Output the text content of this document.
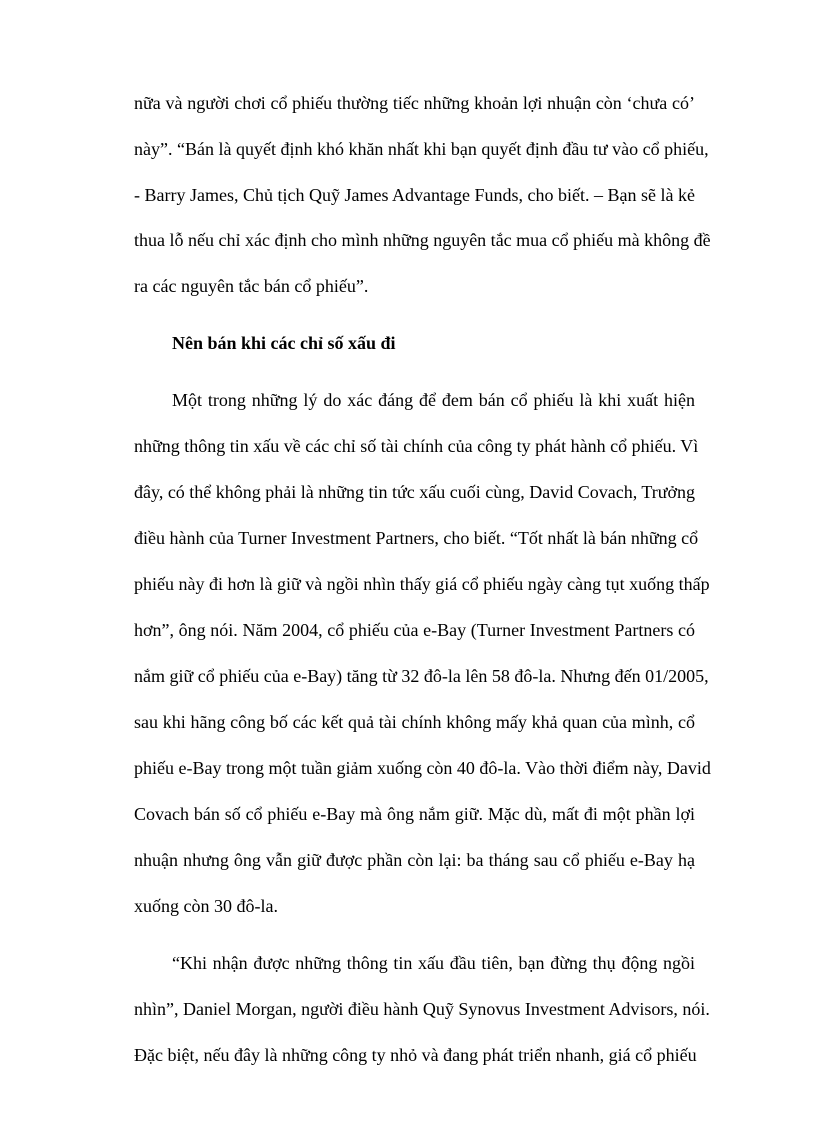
nữa và người chơi cổ phiếu thường tiếc những khoản lợi nhuận còn ‘chưa có’
này”. “Bán là quyết định khó khăn nhất khi bạn quyết định đầu tư vào cổ phiếu,
- Barry James, Chủ tịch Quỹ James Advantage Funds, cho biết. – Bạn sẽ là kẻ
thua lỗ nếu chỉ xác định cho mình những nguyên tắc mua cổ phiếu mà không đề
ra các nguyên tắc bán cổ phiếu”.
Nên bán khi các chỉ số xấu đi
Một trong những lý do xác đáng để đem bán cổ phiếu là khi xuất hiện
những thông tin xấu về các chỉ số tài chính của công ty phát hành cổ phiếu. Vì
đây, có thể không phải là những tin tức xấu cuối cùng, David Covach, Trưởng
điều hành của Turner Investment Partners, cho biết. “Tốt nhất là bán những cổ
phiếu này đi hơn là giữ và ngồi nhìn thấy giá cổ phiếu ngày càng tụt xuống thấp
hơn”, ông nói. Năm 2004, cổ phiếu của e-Bay (Turner Investment Partners có
nắm giữ cổ phiếu của e-Bay) tăng từ 32 đô-la lên 58 đô-la. Nhưng đến 01/2005,
sau khi hãng công bố các kết quả tài chính không mấy khả quan của mình, cổ
phiếu e-Bay trong một tuần giảm xuống còn 40 đô-la. Vào thời điểm này, David
Covach bán số cổ phiếu e-Bay mà ông nắm giữ. Mặc dù, mất đi một phần lợi
nhuận nhưng ông vẫn giữ được phần còn lại: ba tháng sau cổ phiếu e-Bay hạ
xuống còn 30 đô-la.
“Khi nhận được những thông tin xấu đầu tiên, bạn đừng thụ động ngồi
nhìn”, Daniel Morgan, người điều hành Quỹ Synovus Investment Advisors, nói.
Đặc biệt, nếu đây là những công ty nhỏ và đang phát triển nhanh, giá cổ phiếu
